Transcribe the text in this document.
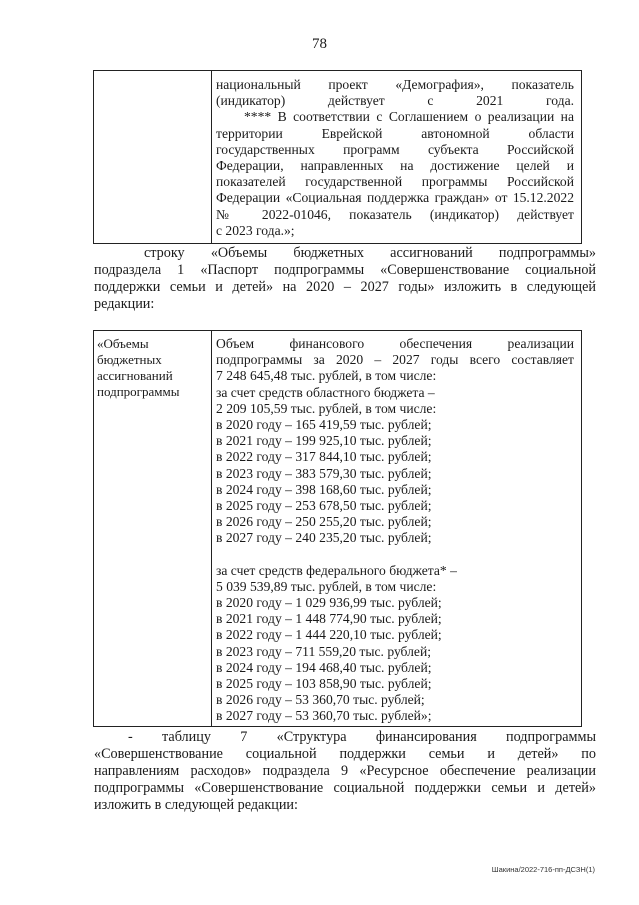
78
национальный проект «Демография», показатель
(индикатор) действует с 2021 года.
**** В соответствии с Соглашением о реализации на
территории Еврейской автономной области
государственных программ субъекта Российской
Федерации, направленных на достижение целей и
показателей государственной программы Российской
Федерации «Социальная поддержка граждан» от 15.12.2022
№ 2022-01046, показатель (индикатор) действует
с 2023 года.»;
строку «Объемы бюджетных ассигнований подпрограммы»
подраздела 1 «Паспорт подпрограммы «Совершенствование социальной
поддержки семьи и детей» на 2020 – 2027 годы» изложить в следующей
редакции:
«Объемы
бюджетных
ассигнований
подпрограммы
Объем финансового обеспечения реализации
подпрограммы за 2020 – 2027 годы всего составляет
7 248 645,48 тыс. рублей, в том числе:
за счет средств областного бюджета –
2 209 105,59 тыс. рублей, в том числе:
в 2020 году – 165 419,59 тыс. рублей;
в 2021 году – 199 925,10 тыс. рублей;
в 2022 году – 317 844,10 тыс. рублей;
в 2023 году – 383 579,30 тыс. рублей;
в 2024 году – 398 168,60 тыс. рублей;
в 2025 году – 253 678,50 тыс. рублей;
в 2026 году – 250 255,20 тыс. рублей;
в 2027 году – 240 235,20 тыс. рублей;
за счет средств федерального бюджета* –
5 039 539,89 тыс. рублей, в том числе:
в 2020 году – 1 029 936,99 тыс. рублей;
в 2021 году – 1 448 774,90 тыс. рублей;
в 2022 году – 1 444 220,10 тыс. рублей;
в 2023 году – 711 559,20 тыс. рублей;
в 2024 году – 194 468,40 тыс. рублей;
в 2025 году – 103 858,90 тыс. рублей;
в 2026 году – 53 360,70 тыс. рублей;
в 2027 году – 53 360,70 тыс. рублей»;
- таблицу 7 «Структура финансирования подпрограммы
«Совершенствование социальной поддержки семьи и детей» по
направлениям расходов» подраздела 9 «Ресурсное обеспечение реализации
подпрограммы «Совершенствование социальной поддержки семьи и детей»
изложить в следующей редакции:
Шакина/2022-716-пп-ДСЗН(1)
